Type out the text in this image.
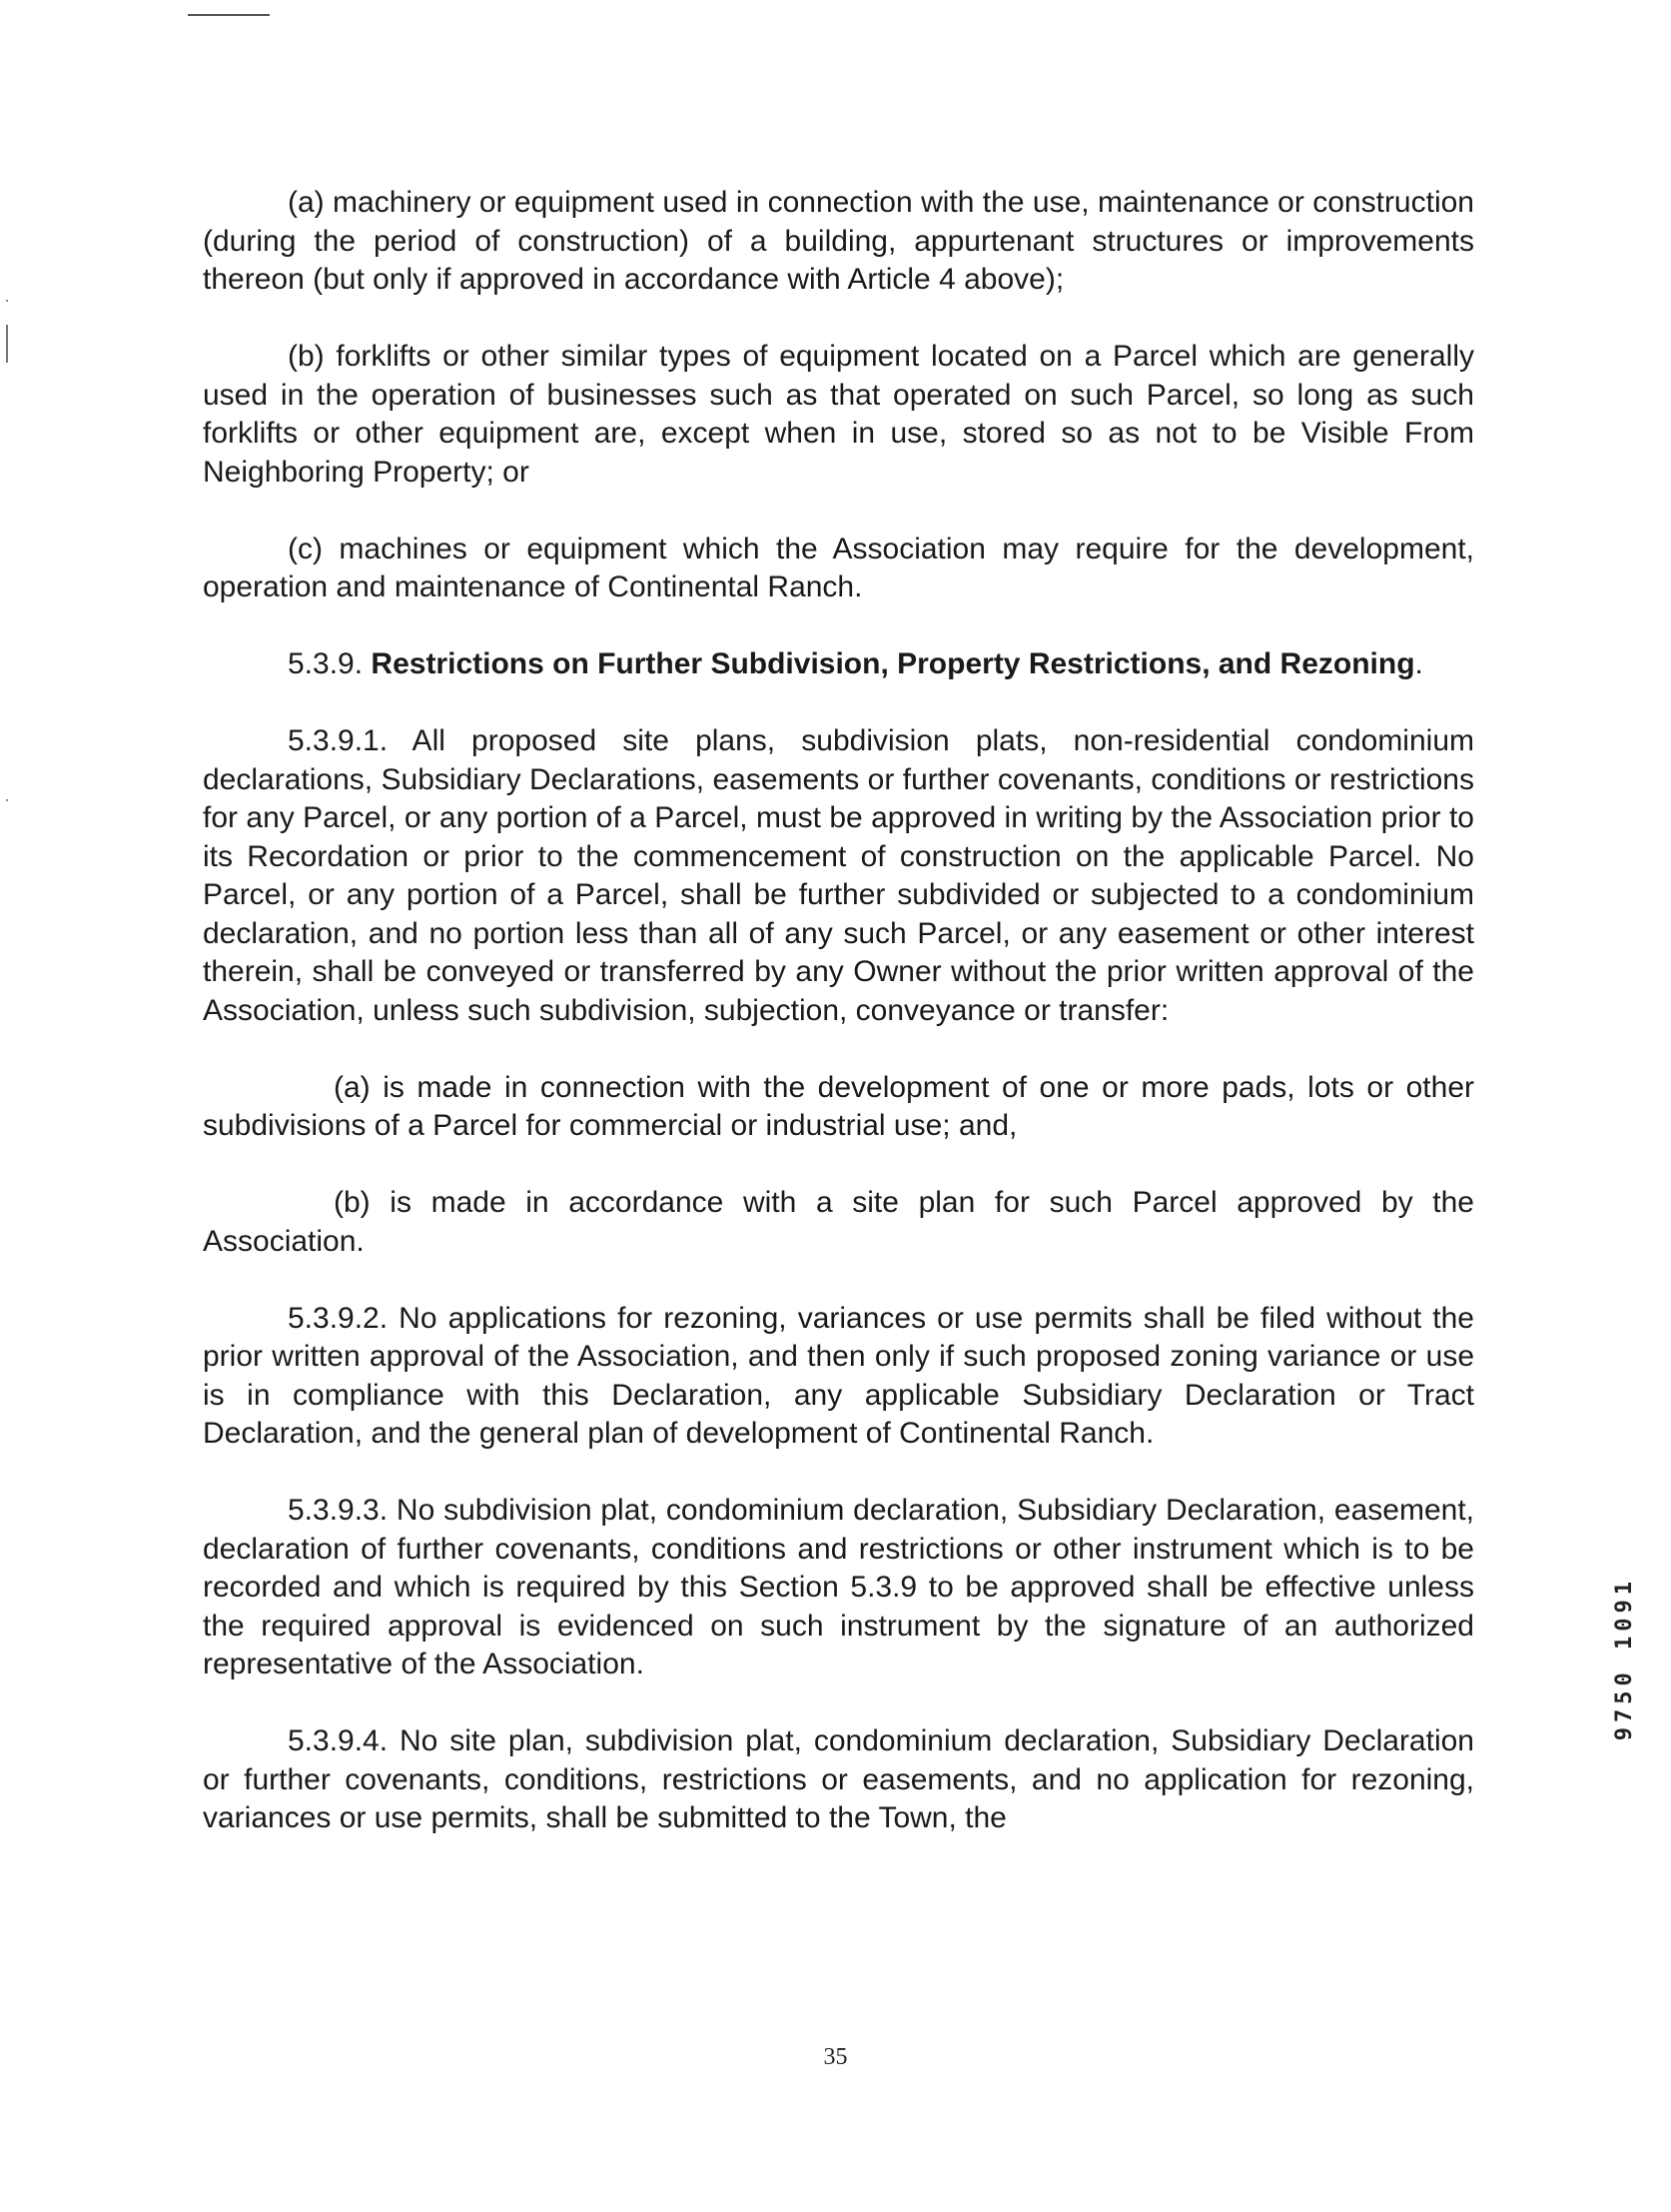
(a) machinery or equipment used in connection with the use, maintenance or construction (during the period of construction) of a building, appurtenant structures or improvements thereon (but only if approved in accordance with Article 4 above);

(b) forklifts or other similar types of equipment located on a Parcel which are generally used in the operation of businesses such as that operated on such Parcel, so long as such forklifts or other equipment are, except when in use, stored so as not to be Visible From Neighboring Property; or

(c) machines or equipment which the Association may require for the development, operation and maintenance of Continental Ranch.

5.3.9. Restrictions on Further Subdivision, Property Restrictions, and Rezoning.

5.3.9.1. All proposed site plans, subdivision plats, non-residential condominium declarations, Subsidiary Declarations, easements or further covenants, conditions or restrictions for any Parcel, or any portion of a Parcel, must be approved in writing by the Association prior to its Recordation or prior to the commencement of construction on the applicable Parcel. No Parcel, or any portion of a Parcel, shall be further subdivided or subjected to a condominium declaration, and no portion less than all of any such Parcel, or any easement or other interest therein, shall be conveyed or transferred by any Owner without the prior written approval of the Association, unless such subdivision, subjection, conveyance or transfer:

(a) is made in connection with the development of one or more pads, lots or other subdivisions of a Parcel for commercial or industrial use; and,

(b) is made in accordance with a site plan for such Parcel approved by the Association.

5.3.9.2. No applications for rezoning, variances or use permits shall be filed without the prior written approval of the Association, and then only if such proposed zoning variance or use is in compliance with this Declaration, any applicable Subsidiary Declaration or Tract Declaration, and the general plan of development of Continental Ranch.

5.3.9.3. No subdivision plat, condominium declaration, Subsidiary Declaration, easement, declaration of further covenants, conditions and restrictions or other instrument which is to be recorded and which is required by this Section 5.3.9 to be approved shall be effective unless the required approval is evidenced on such instrument by the signature of an authorized representative of the Association.

5.3.9.4. No site plan, subdivision plat, condominium declaration, Subsidiary Declaration or further covenants, conditions, restrictions or easements, and no application for rezoning, variances or use permits, shall be submitted to the Town, the

9750 1091
35
